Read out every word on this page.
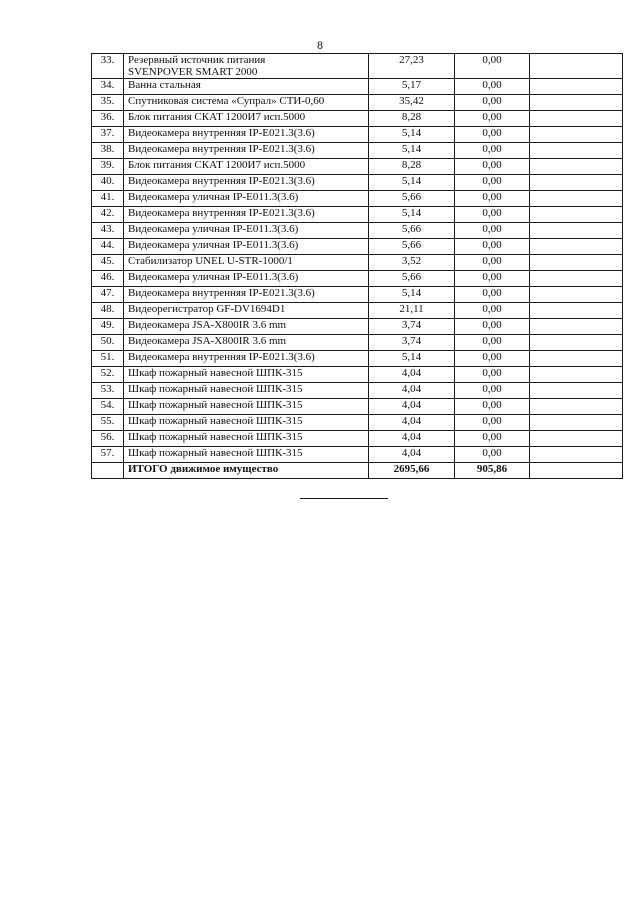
8
33.	Резервный источник питания
SVENPOVER SMART 2000	27,23	0,00	
34.	Ванна стальная	5,17	0,00	
35.	Спутниковая система «Супрал» СТИ-0,60	35,42	0,00	
36.	Блок питания СКАТ 1200И7 исп.5000	8,28	0,00	
37.	Видеокамера внутренняя IP-E021.3(3.6)	5,14	0,00	
38.	Видеокамера внутренняя IP-E021.3(3.6)	5,14	0,00	
39.	Блок питания СКАТ 1200И7 исп.5000	8,28	0,00	
40.	Видеокамера внутренняя IP-E021.3(3.6)	5,14	0,00	
41.	Видеокамера уличная IP-E011.3(3.6)	5,66	0,00	
42.	Видеокамера внутренняя IP-E021.3(3.6)	5,14	0,00	
43.	Видеокамера уличная IP-E011.3(3.6)	5,66	0,00	
44.	Видеокамера уличная IP-E011.3(3.6)	5,66	0,00	
45.	Стабилизатор UNEL U-STR-1000/1	3,52	0,00	
46.	Видеокамера уличная IP-E011.3(3.6)	5,66	0,00	
47.	Видеокамера внутренняя IP-E021.3(3.6)	5,14	0,00	
48.	Видеорегистратор GF-DV1694D1	21,11	0,00	
49.	Видеокамера JSA-X800IR 3.6 mm	3,74	0,00	
50.	Видеокамера JSA-X800IR 3.6 mm	3,74	0,00	
51.	Видеокамера внутренняя IP-E021.3(3.6)	5,14	0,00	
52.	Шкаф пожарный навесной ШПК-315	4,04	0,00	
53.	Шкаф пожарный навесной ШПК-315	4,04	0,00	
54.	Шкаф пожарный навесной ШПК-315	4,04	0,00	
55.	Шкаф пожарный навесной ШПК-315	4,04	0,00	
56.	Шкаф пожарный навесной ШПК-315	4,04	0,00	
57.	Шкаф пожарный навесной ШПК-315	4,04	0,00	
	ИТОГО движимое имущество	2695,66	905,86	
